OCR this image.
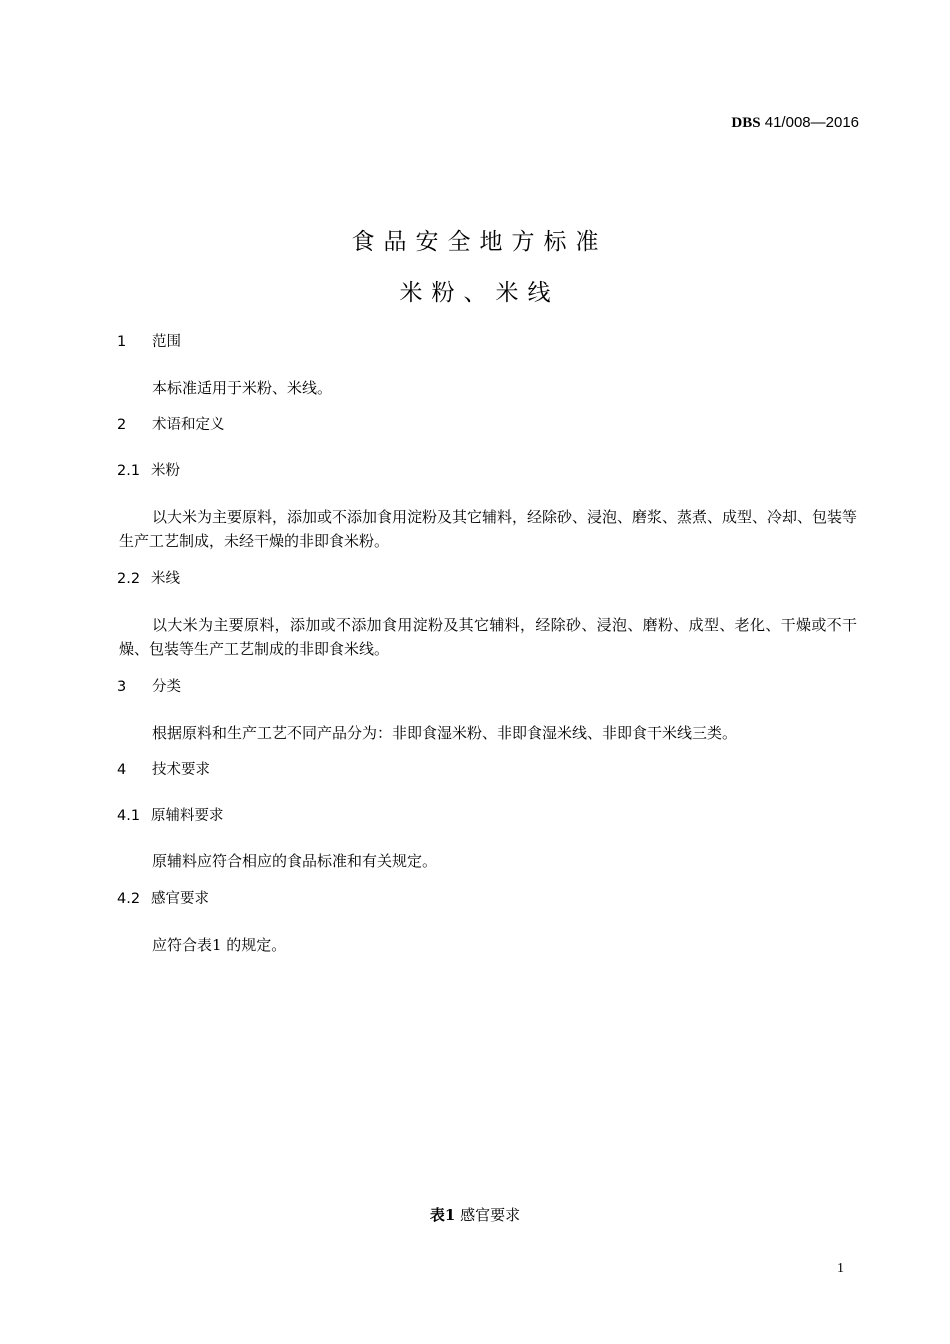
DBS 41/008—2016
食品安全地方标准
米粉、米线
1 范围
本标准适用于米粉、米线。
2 术语和定义
2.1 米粉
以大米为主要原料，添加或不添加食用淀粉及其它辅料，经除砂、浸泡、磨浆、蒸煮、成型、冷却、包装等生产工艺制成，未经干燥的非即食米粉。
2.2 米线
以大米为主要原料，添加或不添加食用淀粉及其它辅料，经除砂、浸泡、磨粉、成型、老化、干燥或不干燥、包装等生产工艺制成的非即食米线。
3 分类
根据原料和生产工艺不同产品分为：非即食湿米粉、非即食湿米线、非即食干米线三类。
4 技术要求
4.1 原辅料要求
原辅料应符合相应的食品标准和有关规定。
4.2 感官要求
应符合表1 的规定。
表1 感官要求
1
